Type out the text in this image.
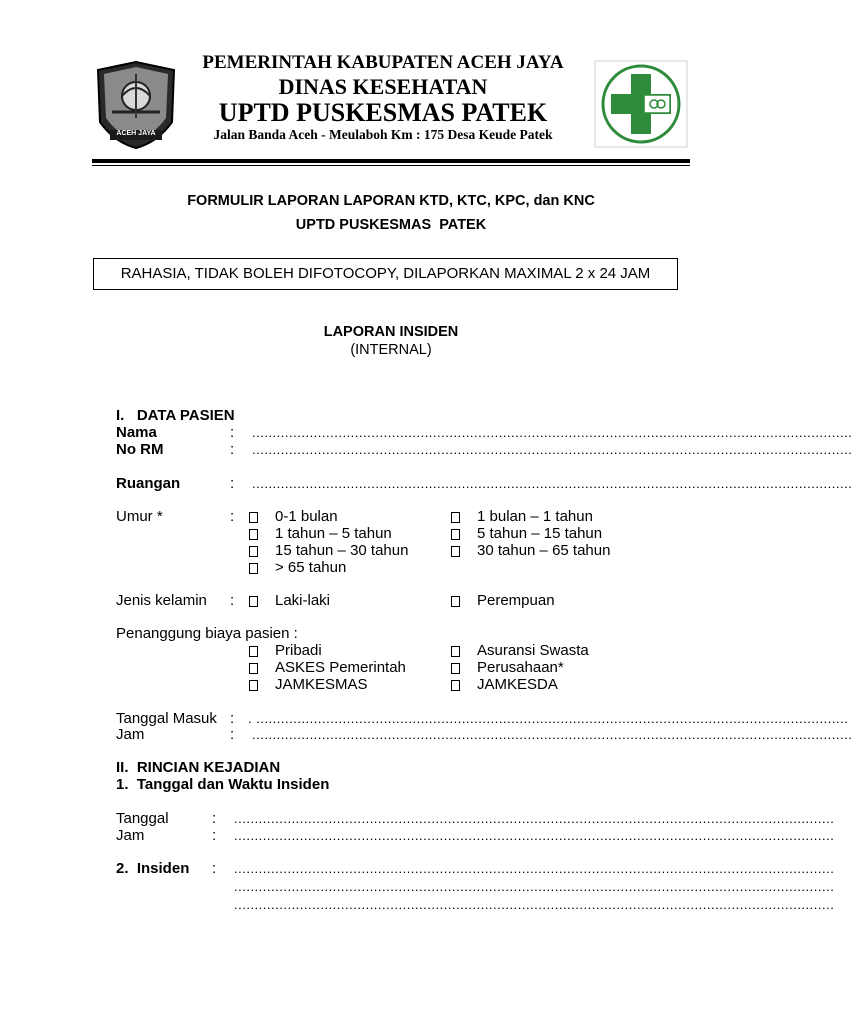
ACEH JAYA
PEMERINTAH KABUPATEN ACEH JAYA
DINAS KESEHATAN
UPTD PUSKESMAS PATEK
Jalan Banda Aceh - Meulaboh Km : 175 Desa Keude Patek
FORMULIR LAPORAN LAPORAN KTD, KTC, KPC, dan KNC
UPTD PUSKESMAS  PATEK
RAHASIA, TIDAK BOLEH DIFOTOCOPY, DILAPORKAN MAXIMAL 2 x 24 JAM
LAPORAN INSIDEN
(INTERNAL)
I.   DATA PASIEN
Nama	: ..................................................................................................................................................
No RM	: ..................................................................................................................................................
Ruangan	: ..................................................................................................................................................
Umur *	:	0-1 bulan	1 bulan – 1 tahun
1 tahun – 5 tahun	5 tahun – 15 tahun
15 tahun – 30 tahun	30 tahun – 65 tahun
> 65 tahun
Jenis kelamin :	Laki-laki	Perempuan
Penanggung biaya pasien :
Pribadi	Asuransi Swasta
ASKES Pemerintah	Perusahaan*
JAMKESMAS	JAMKESDA
Tanggal Masuk : . ................................................................................................................................................
Jam	: ..................................................................................................................................................
II.  RINCIAN KEJADIAN
1.  Tanggal dan Waktu Insiden
Tanggal	: ..................................................................................................................................................
Jam	: ..................................................................................................................................................
2.  Insiden : ..................................................................................................................................................
..................................................................................................................................................
..................................................................................................................................................
